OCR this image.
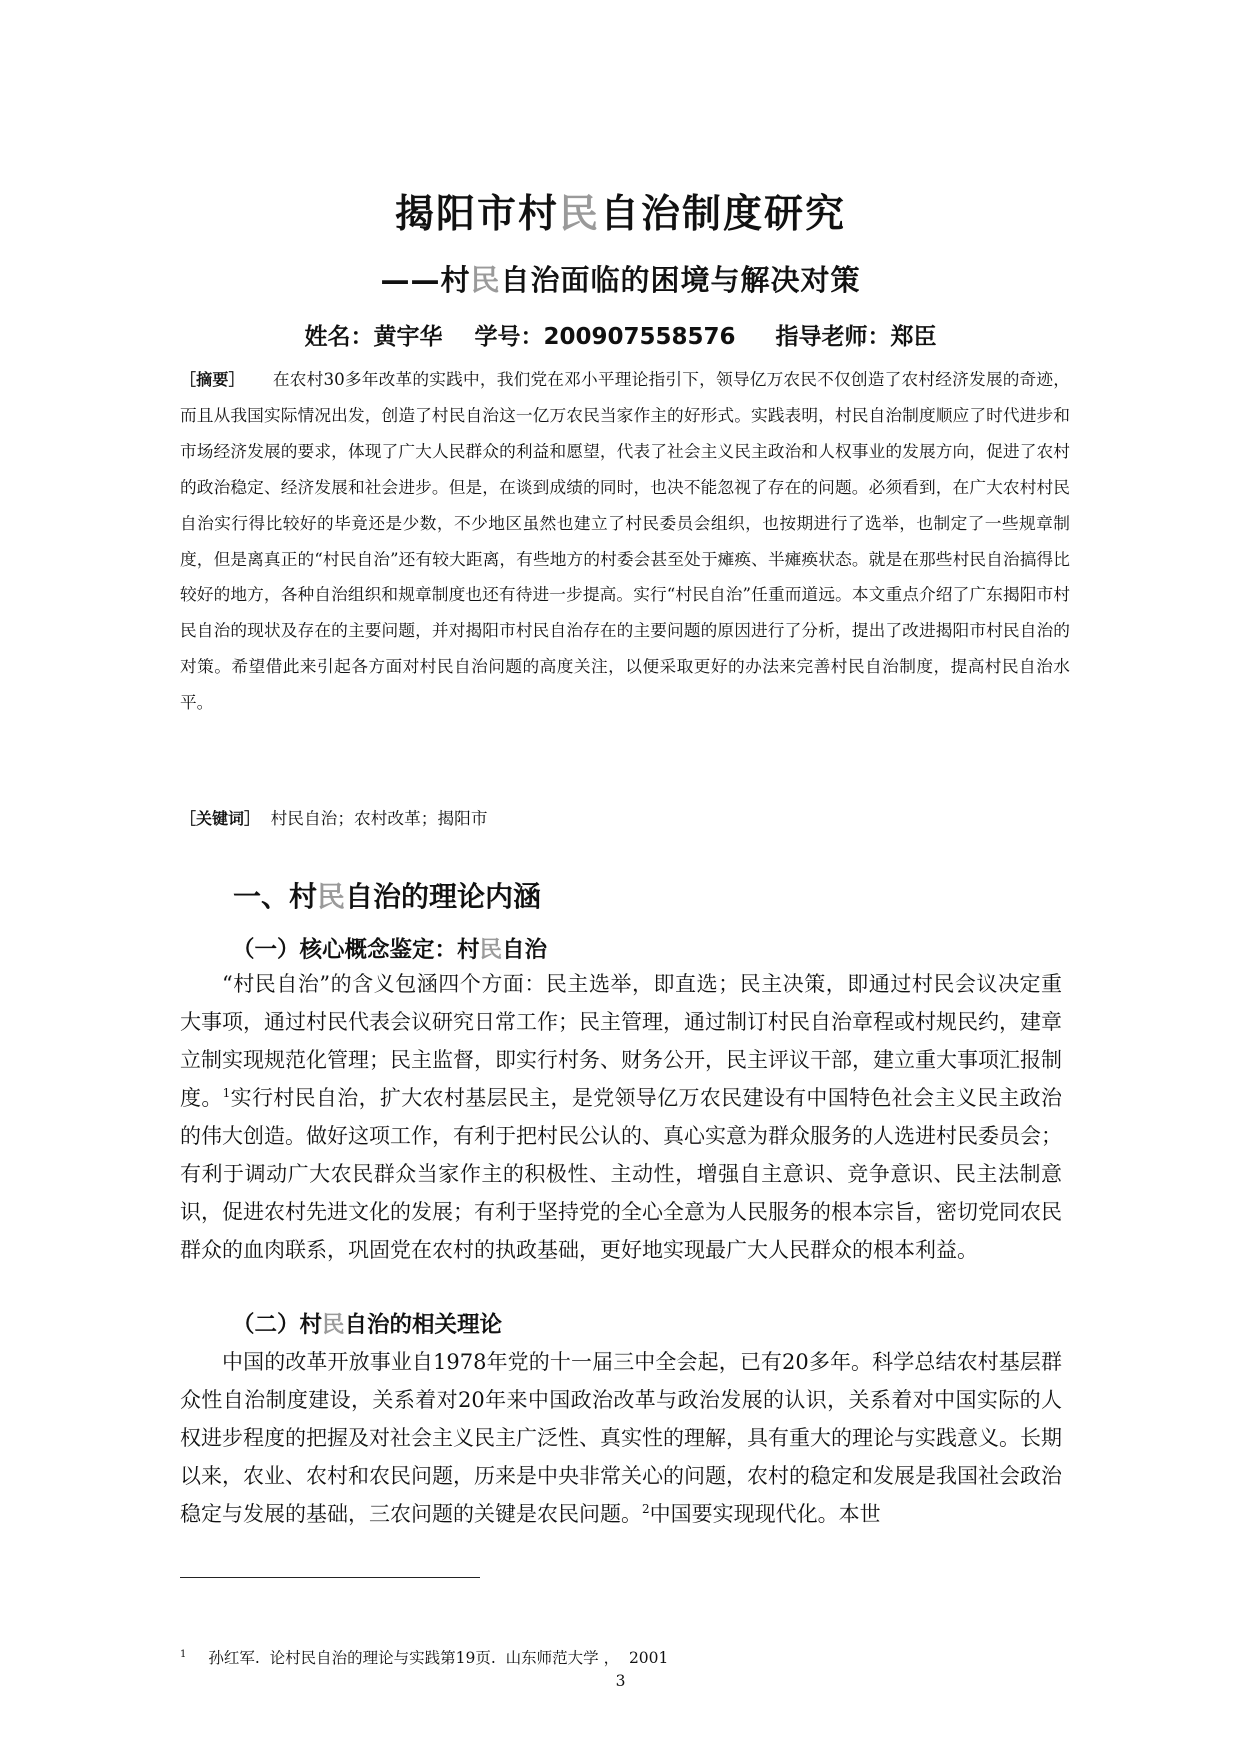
揭阳市村民自治制度研究
——村民自治面临的困境与解决对策
姓名：黄宇华    学号：200907558576     指导老师：郑臣

［摘要］ 在农村30多年改革的实践中，我们党在邓小平理论指引下，领导亿万农民不仅创造了农村经济发展的奇迹，而且从我国实际情况出发，创造了村民自治这一亿万农民当家作主的好形式。实践表明，村民自治制度顺应了时代进步和市场经济发展的要求，体现了广大人民群众的利益和愿望，代表了社会主义民主政治和人权事业的发展方向，促进了农村的政治稳定、经济发展和社会进步。但是，在谈到成绩的同时，也决不能忽视了存在的问题。必须看到，在广大农村村民自治实行得比较好的毕竟还是少数，不少地区虽然也建立了村民委员会组织，也按期进行了选举，也制定了一些规章制度，但是离真正的“村民自治”还有较大距离，有些地方的村委会甚至处于瘫痪、半瘫痪状态。就是在那些村民自治搞得比较好的地方，各种自治组织和规章制度也还有待进一步提高。实行“村民自治”任重而道远。本文重点介绍了广东揭阳市村民自治的现状及存在的主要问题，并对揭阳市村民自治存在的主要问题的原因进行了分析，提出了改进揭阳市村民自治的对策。希望借此来引起各方面对村民自治问题的高度关注，以便采取更好的办法来完善村民自治制度，提高村民自治水平。

［关键词］  村民自治；农村改革；揭阳市
一、村民自治的理论内涵
（一）核心概念鉴定：村民自治

“村民自治”的含义包涵四个方面：民主选举，即直选；民主决策，即通过村民会议决定重大事项，通过村民代表会议研究日常工作；民主管理，通过制订村民自治章程或村规民约，建章立制实现规范化管理；民主监督，即实行村务、财务公开，民主评议干部，建立重大事项汇报制度。$^1$实行村民自治，扩大农村基层民主，是党领导亿万农民建设有中国特色社会主义民主政治的伟大创造。做好这项工作，有利于把村民公认的、真心实意为群众服务的人选进村民委员会；有利于调动广大农民群众当家作主的积极性、主动性，增强自主意识、竞争意识、民主法制意识，促进农村先进文化的发展；有利于坚持党的全心全意为人民服务的根本宗旨，密切党同农民群众的血肉联系，巩固党在农村的执政基础，更好地实现最广大人民群众的根本利益。

（二）村民自治的相关理论

中国的改革开放事业自1978年党的十一届三中全会起，已有20多年。科学总结农村基层群众性自治制度建设，关系着对20年来中国政治改革与政治发展的认识，关系着对中国实际的人权进步程度的把握及对社会主义民主广泛性、真实性的理解，具有重大的理论与实践意义。长期以来，农业、农村和农民问题，历来是中央非常关心的问题，农村的稳定和发展是我国社会政治稳定与发展的基础，三农问题的关键是农民问题。$^2$中国要实现现代化。本世

$^1$ 孙红军.  论村民自治的理论与实践第19页.  山东师范大学 ，  2001
3
